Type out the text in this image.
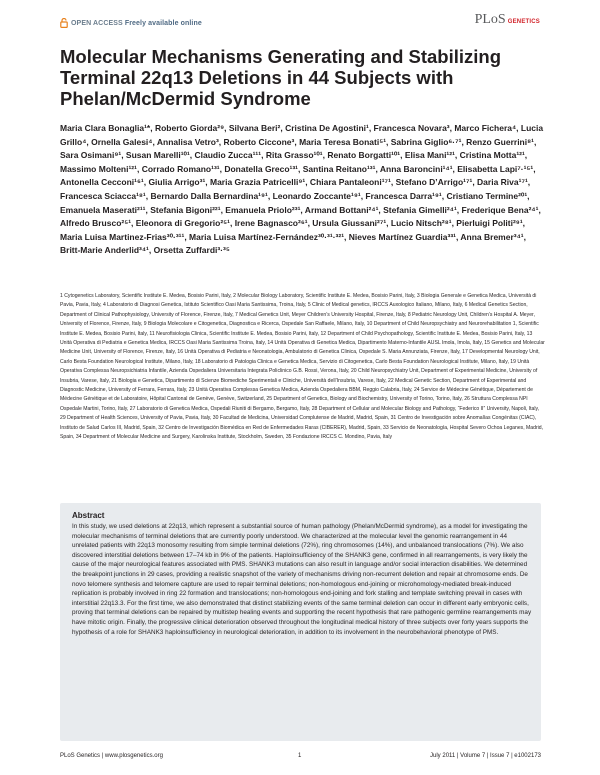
OPEN ACCESS Freely available online	PLoS GENETICS
Molecular Mechanisms Generating and Stabilizing Terminal 22q13 Deletions in 44 Subjects with Phelan/McDermid Syndrome

Maria Clara Bonaglia¹*, Roberto Giorda²⁹, Silvana Beri², Cristina De Agostini¹, Francesca Novara³, Marco Fichera⁴, Lucia Grillo⁴, Ornella Galesi⁴, Annalisa Vetro³, Roberto Ciccone³, Maria Teresa Bonati⁵¹, Sabrina Giglio⁶·⁷¹, Renzo Guerrini⁸¹, Sara Osimani⁹¹, Susan Marelli¹⁰¹, Claudio Zucca¹¹¹, Rita Grasso¹⁰¹, Renato Borgatti¹⁰¹, Elisa Mani¹²¹, Cristina Motta¹²¹, Massimo Molteni¹²¹, Corrado Romano¹³¹, Donatella Greco¹³¹, Santina Reitano¹³¹, Anna Baroncini¹⁴¹, Elisabetta Lapi⁷·¹⁵¹, Antonella Cecconi¹⁶¹, Giulia Arrigo³¹, Maria Grazia Patricelli⁹¹, Chiara Pantaleoni¹⁷¹, Stefano D’Arrigo¹⁷¹, Daria Riva¹⁷¹, Francesca Sciacca¹⁸¹, Bernardo Dalla Bernardina¹⁹¹, Leonardo Zoccante¹⁹¹, Francesca Darra¹⁹¹, Cristiano Termine²⁰¹, Emanuela Maserati²¹¹, Stefania Bigoni²²¹, Emanuela Priolo²³¹, Armand Bottani²⁴¹, Stefania Gimelli²⁴¹, Frederique Bena²⁴¹, Alfredo Brusco²⁵¹, Eleonora di Gregorio²⁵¹, Irene Bagnasco²⁶¹, Ursula Giussani²⁷¹, Lucio Nitsch²⁸¹, Pierluigi Politi²⁹¹, Maria Luisa Martinez-Frias³⁰·³¹¹, Maria Luisa Martínez-Fernández³⁰·³¹·³²¹, Nieves Martínez Guardia³³¹, Anna Bremer³⁴¹, Britt-Marie Anderlid³⁴¹, Orsetta Zuffardi³·³⁵

1 Cytogenetics Laboratory, Scientific Institute E. Medea, Bosisio Parini, Italy, 2 Molecular Biology Laboratory, Scientific Institute E. Medea, Bosisio Parini, Italy, 3 Biologia Generale e Genetica Medica, Università di Pavia, Pavia, Italy, 4 Laboratorio di Diagnosi Genetica, Istituto Scientifico Oasi Maria Santissima, Troina, Italy, 5 Clinic of Medical genetics, IRCCS Auxologico Italiano, Milano, Italy, 6 Medical Genetics Section, Department of Clinical Pathophysiology, University of Florence, Firenze, Italy, 7 Medical Genetics Unit, Meyer Children’s University Hospital, Firenze, Italy, 8 Pediatric Neurology Unit, Children’s Hospital A. Meyer, University of Florence, Firenze, Italy, 9 Biologia Molecolare e Citogenetica, Diagnostica e Ricerca, Ospedale San Raffaele, Milano, Italy, 10 Department of Child Neuropsychiatry and Neurorehabilitation 1, Scientific Institute E. Medea, Bosisio Parini, Italy, 11 Neurofisiologia Clinica, Scientific Institute E. Medea, Bosisio Parini, Italy, 12 Department of Child Psychopathology, Scientific Institute E. Medea, Bosisio Parini, Italy, 13 Unità Operativa di Pediatria e Genetica Medica, IRCCS Oasi Maria Santissima Troina, Italy, 14 Unità Operativa di Genetica Medica, Dipartimento Materno-Infantile AUSL Imola, Imola, Italy, 15 Genetics and Molecular Medicine Unit, University of Florence, Firenze, Italy, 16 Unità Operativa di Pediatria e Neonatologia, Ambulatorio di Genetica Clinica, Ospedale S. Maria Annunziata, Firenze, Italy, 17 Developmental Neurology Unit, Carlo Besta Foundation Neurological Institute, Milano, Italy, 18 Laboratorio di Patologia Clinica e Genetica Medica, Servizio di Citogenetica, Carlo Besta Foundation Neurological Institute, Milano, Italy, 19 Unità Operativa Complessa Neuropsichiatria Infantile, Azienda Ospedaliera Universitaria Integrata Policlinico G.B. Rossi, Verona, Italy, 20 Child Neuropsychiatry Unit, Department of Experimental Medicine, University of Insubria, Varese, Italy, 21 Biologia e Genetica, Dipartimento di Scienze Biomediche Sperimentali e Cliniche, Università dell’Insubria, Varese, Italy, 22 Medical Genetic Section, Department of Experimental and Diagnostic Medicine, University of Ferrara, Ferrara, Italy, 23 Unità Operativa Complessa Genetica Medica, Azienda Ospedaliera BBM, Reggio Calabria, Italy, 24 Service de Médecine Génétique, Département de Médecine Génétique et de Laboratoire, Hôpital Cantonal de Genève, Genève, Switzerland, 25 Department of Genetics, Biology and Biochemistry, University of Torino, Torino, Italy, 26 Struttura Complessa NPI Ospedale Martini, Torino, Italy, 27 Laboratorio di Genetica Medica, Ospedali Riuniti di Bergamo, Bergamo, Italy, 28 Department of Cellular and Molecular Biology and Pathology, “Federico II” University, Napoli, Italy, 29 Department of Health Sciences, University of Pavia, Pavia, Italy, 30 Facultad de Medicina, Universidad Complutense de Madrid, Madrid, Spain, 31 Centro de Investigación sobre Anomalías Congénitas (CIAC), Instituto de Salud Carlos III, Madrid, Spain, 32 Centro de Investigación Biomédica en Red de Enfermedades Raras (CIBERER), Madrid, Spain, 33 Servicio de Neonatología, Hospital Severo Ochoa Leganes, Madrid, Spain, 34 Department of Molecular Medicine and Surgery, Karolinska Institute, Stockholm, Sweden, 35 Fondazione IRCCS C. Mondino, Pavia, Italy

Abstract

In this study, we used deletions at 22q13, which represent a substantial source of human pathology (Phelan/McDermid syndrome), as a model for investigating the molecular mechanisms of terminal deletions that are currently poorly understood. We characterized at the molecular level the genomic rearrangement in 44 unrelated patients with 22q13 monosomy resulting from simple terminal deletions (72%), ring chromosomes (14%), and unbalanced translocations (7%). We also discovered interstitial deletions between 17–74 kb in 9% of the patients. Haploinsufficiency of the SHANK3 gene, confirmed in all rearrangements, is very likely the cause of the major neurological features associated with PMS. SHANK3 mutations can also result in language and/or social interaction disabilities. We determined the breakpoint junctions in 29 cases, providing a realistic snapshot of the variety of mechanisms driving non-recurrent deletion and repair at chromosome ends. De novo telomere synthesis and telomere capture are used to repair terminal deletions; non-homologous end-joining or microhomology-mediated break-induced replication is probably involved in ring 22 formation and translocations; non-homologous end-joining and fork stalling and template switching prevail in cases with interstitial 22q13.3. For the first time, we also demonstrated that distinct stabilizing events of the same terminal deletion can occur in different early embryonic cells, proving that terminal deletions can be repaired by multistep healing events and supporting the recent hypothesis that rare pathogenic germline rearrangements may have mitotic origin. Finally, the progressive clinical deterioration observed throughout the longitudinal medical history of three subjects over forty years supports the hypothesis of a role for SHANK3 haploinsufficiency in neurological deterioration, in addition to its involvement in the neurobehavioral phenotype of PMS.

PLoS Genetics | www.plosgenetics.org	1	July 2011 | Volume 7 | Issue 7 | e1002173
